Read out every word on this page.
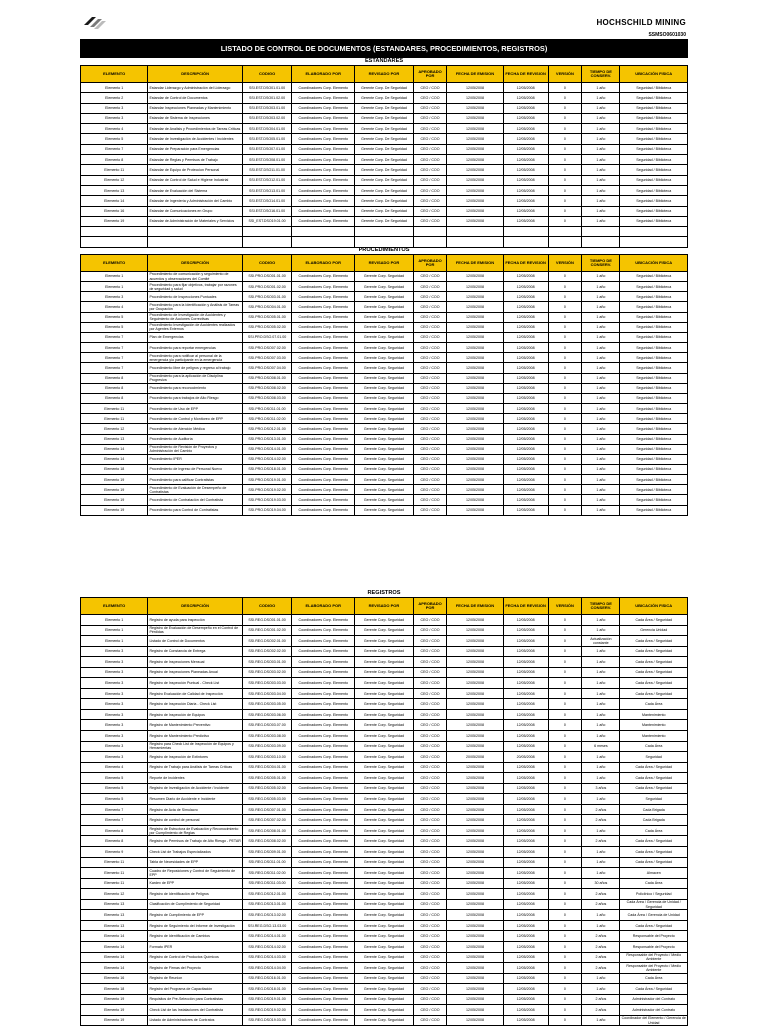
HOCHSCHILD MINING
SSMSO0601030
LISTADO DE CONTROL DE DOCUMENTOS (ESTANDARES, PROCEDIMIENTOS, REGISTROS)
ESTANDARES
ELEMENTO	DESCRIPCIÓN	CODIGO	ELABORADO POR	REVISADO POR	APROBADO POR	FECHA DE EMISION	FECHA DE REVISION	VERSIÓN	TIEMPO DE CONSERV.	UBICACIÓN FISICA
Elemento 1	Estandar Liderazgo y Administración del Liderazgo	SSI.EST.DSO01.01.00	Coordinadores Corp. Elemento	Gerente Corp. De Seguridad	CEO / COO	12/05/2008	12/05/2008	0	1 año	Seguridad / Biblioteca
Elemento 2	Estandar de Control de Documentos	SSI.EST.DSO01.02.00	Coordinadores Corp. Elemento	Gerente Corp. De Seguridad	CEO / COO	12/05/2008	12/05/2008	0	1 año	Seguridad / Biblioteca
Elemento 3	Estandar Inspecciones Planeadas y Mantenimiento	SSI.EST.DSO03.01.00	Coordinadores Corp. Elemento	Gerente Corp. De Seguridad	CEO / COO	12/05/2008	12/05/2008	0	1 año	Seguridad / Biblioteca
Elemento 3	Estandar de Sistema de Inspecciones	SSI.EST.DSO03.02.00	Coordinadores Corp. Elemento	Gerente Corp. De Seguridad	CEO / COO	12/05/2008	12/05/2008	0	1 año	Seguridad / Biblioteca
Elemento 4	Estandar de Analisis y Procedimientos de Tareas Criticas	SSI.EST.DSO04.01.00	Coordinadores Corp. Elemento	Gerente Corp. De Seguridad	CEO / COO	12/05/2008	12/05/2008	0	1 año	Seguridad / Biblioteca
Elemento 5	Estandar de Investigación de Accidentes / Incidentes	SSI.EST.DSO05.01.00	Coordinadores Corp. Elemento	Gerente Corp. De Seguridad	CEO / COO	12/05/2008	12/05/2008	0	1 año	Seguridad / Biblioteca
Elemento 7	Estandar de Preparación para Emergencias	SSI.EST.DSO07.01.00	Coordinadores Corp. Elemento	Gerente Corp. De Seguridad	CEO / COO	12/05/2008	12/05/2008	0	1 año	Seguridad / Biblioteca
Elemento 8	Estandar de Reglas y Permisos de Trabajo	SSI.EST.DSO08.01.00	Coordinadores Corp. Elemento	Gerente Corp. De Seguridad	CEO / COO	12/05/2008	12/05/2008	0	1 año	Seguridad / Biblioteca
Elemento 11	Estandar de Equipo de Proteccion Personal	SSI.EST.DSO11.01.00	Coordinadores Corp. Elemento	Gerente Corp. De Seguridad	CEO / COO	12/05/2008	12/05/2008	0	1 año	Seguridad / Biblioteca
Elemento 12	Estandar de Control de Salud e Higiene Industrial	SSI.EST.DSO12.01.00	Coordinadores Corp. Elemento	Gerente Corp. De Seguridad	CEO / COO	12/05/2008	12/05/2008	0	1 año	Seguridad / Biblioteca
Elemento 13	Estandar de Evaluación del Sistema	SSI.EST.DSO13.01.00	Coordinadores Corp. Elemento	Gerente Corp. De Seguridad	CEO / COO	12/05/2008	12/05/2008	0	1 año	Seguridad / Biblioteca
Elemento 14	Estandar de Ingeniería y Administración del Cambio	SSI.EST.DSO14.01.00	Coordinadores Corp. Elemento	Gerente Corp. De Seguridad	CEO / COO	12/05/2008	12/05/2008	0	1 año	Seguridad / Biblioteca
Elemento 16	Estandar de Comunicaciones en Grupo	SSI.EST.DSO16.01.00	Coordinadores Corp. Elemento	Gerente Corp. De Seguridad	CEO / COO	12/05/2008	12/05/2008	0	1 año	Seguridad / Biblioteca
Elemento 19	Estandar de Administración de Materiales y Servicios	SSI_EST.DSO19.01.00	Coordinadores Corp. Elemento	Gerente Corp. De Seguridad	CEO / COO	12/05/2008	12/05/2008	0	1 año	Seguridad / Biblioteca

PROCEDIMIENTOS
ELEMENTO	DESCRIPCIÓN	CODIGO	ELABORADO POR	REVISADO POR	APROBADO POR	FECHA DE EMISION	FECHA DE REVISION	VERSIÓN	TIEMPO DE CONSERV.	UBICACIÓN FISICA
Elemento 1	Procedimiento de comunicación y seguimiento de acuerdos y observaciones del Comité	SSI.PRO.DSO01.01.00	Coordinadores Corp. Elemento	Gerente Corp. Seguridad	CEO / COO	12/05/2008	12/05/2008	0	1 año	Seguridad / Biblioteca
Elemento 1	Procedimiento para fijar objetivos, trabajar por razones de seguridad y salud	SSI.PRO.DSO01.02.00	Coordinadores Corp. Elemento	Gerente Corp. Seguridad	CEO / COO	12/05/2008	12/05/2008	0	1 año	Seguridad / Biblioteca
Elemento 3	Procedimiento de Inspecciones Puntuales	SSI.PRO.DSO03.01.00	Coordinadores Corp. Elemento	Gerente Corp. Seguridad	CEO / COO	12/05/2008	12/05/2008	0	1 año	Seguridad / Biblioteca
Elemento 4	Procedimiento para la Identificación y Análisis de Tareas por Ocupación	SSI.PRO.DSO04.01.00	Coordinadores Corp. Elemento	Gerente Corp. Seguridad	CEO / COO	12/05/2008	12/05/2008	0	1 año	Seguridad / Biblioteca
Elemento 5	Procedimiento de Investigación de Accidentes y Seguimiento de Acciones Correctivas	SSI.PRO.DSO05.01.00	Coordinadores Corp. Elemento	Gerente Corp. Seguridad	CEO / COO	12/05/2008	12/05/2008	0	1 año	Seguridad / Biblioteca
Elemento 5	Procedimiento Investigación de Accidentes realizados por Agentes Externos	SSI.PRO.DSO05.02.00	Coordinadores Corp. Elemento	Gerente Corp. Seguridad	CEO / COO	12/05/2008	12/05/2008	0	1 año	Seguridad / Biblioteca
Elemento 7	Plan de Emergencias	SSI.PRO.DSO.07.01.00	Coordinadores Corp. Elemento	Gerente Corp. Seguridad	CEO / COO	12/05/2008	12/05/2008	0	1 año	Seguridad / Biblioteca
Elemento 7	Procedimiento para reportar emergencias	SSI.PRO.DSO07.02.00	Coordinadores Corp. Elemento	Gerente Corp. Seguridad	CEO / COO	12/05/2008	12/05/2008	0	1 año	Seguridad / Biblioteca
Elemento 7	Procedimiento para notificar al personal de la emergencia y/o participante en la emergencia	SSI.PRO.DSO07.03.00	Coordinadores Corp. Elemento	Gerente Corp. Seguridad	CEO / COO	12/05/2008	12/05/2008	0	1 año	Seguridad / Biblioteca
Elemento 7	Procedimiento libre de peligros y regreso al trabajo	SSI.PRO.DSO07.04.00	Coordinadores Corp. Elemento	Gerente Corp. Seguridad	CEO / COO	12/05/2008	12/05/2008	0	1 año	Seguridad / Biblioteca
Elemento 8	Procedimiento para la aplicación de Disciplina Progresiva	SSI.PRO.DSO08.01.00	Coordinadores Corp. Elemento	Gerente Corp. Seguridad	CEO / COO	12/05/2008	12/05/2008	0	1 año	Seguridad / Biblioteca
Elemento 8	Procedimiento para reconocimiento	SSI.PRO.DSO08.02.00	Coordinadores Corp. Elemento	Gerente Corp. Seguridad	CEO / COO	12/05/2008	12/05/2008	0	1 año	Seguridad / Biblioteca
Elemento 8	Procedimiento para trabajos de Alto Riesgo	SSI.PRO.DSO08.03.00	Coordinadores Corp. Elemento	Gerente Corp. Seguridad	CEO / COO	12/05/2008	12/05/2008	0	1 año	Seguridad / Biblioteca
Elemento 11	Procedimiento de Uso de EPP	SSI.PRO.DSO11.01.00	Coordinadores Corp. Elemento	Gerente Corp. Seguridad	CEO / COO	12/05/2008	12/05/2008	0	1 año	Seguridad / Biblioteca
Elemento 11	Procedimiento de Control y Monitoreo de EPP	SSI.PRO.DSO11.02.00	Coordinadores Corp. Elemento	Gerente Corp. Seguridad	CEO / COO	12/05/2008	12/05/2008	0	1 año	Seguridad / Biblioteca
Elemento 12	Procedimiento de Atención Médica	SSI.PRO.DSO12.01.00	Coordinadores Corp. Elemento	Gerente Corp. Seguridad	CEO / COO	12/05/2008	12/05/2008	0	1 año	Seguridad / Biblioteca
Elemento 13	Procedimiento de Auditoría	SSI.PRO.DSO13.01.00	Coordinadores Corp. Elemento	Gerente Corp. Seguridad	CEO / COO	12/05/2008	12/05/2008	0	1 año	Seguridad / Biblioteca
Elemento 14	Procedimiento de Revisión de Proyectos y Administración del Cambio	SSI.PRO.DSO14.01.00	Coordinadores Corp. Elemento	Gerente Corp. Seguridad	CEO / COO	12/05/2008	12/05/2008	0	1 año	Seguridad / Biblioteca
Elemento 14	Procedimiento IPER	SSI.PRO.DSO14.02.00	Coordinadores Corp. Elemento	Gerente Corp. Seguridad	CEO / COO	12/05/2008	12/05/2008	0	1 año	Seguridad / Biblioteca
Elemento 18	Procedimiento de Ingreso de Personal Nuevo	SSI.PRO.DSO18.01.00	Coordinadores Corp. Elemento	Gerente Corp. Seguridad	CEO / COO	12/05/2008	12/05/2008	0	1 año	Seguridad / Biblioteca
Elemento 19	Procedimiento para calificar Contratistas	SSI.PRO.DSO19.01.00	Coordinadores Corp. Elemento	Gerente Corp. Seguridad	CEO / COO	12/05/2008	12/05/2008	0	1 año	Seguridad / Biblioteca
Elemento 19	Procedimiento de Evaluación de Desempeño de Contratistas	SSI.PRO.DSO19.02.00	Coordinadores Corp. Elemento	Gerente Corp. Seguridad	CEO / COO	12/05/2008	12/05/2008	0	1 año	Seguridad / Biblioteca
Elemento 19	Procedimiento de Contratación del Contratista	SSI.PRO.DSO19.03.00	Coordinadores Corp. Elemento	Gerente Corp. Seguridad	CEO / COO	12/05/2008	12/05/2008	0	1 año	Seguridad / Biblioteca
Elemento 19	Procedimiento para Control de Contratistas	SSI.PRO.DSO19.04.00	Coordinadores Corp. Elemento	Gerente Corp. Seguridad	CEO / COO	12/05/2008	12/05/2008	0	1 año	Seguridad / Biblioteca
REGISTROS
ELEMENTO	DESCRIPCIÓN	CODIGO	ELABORADO POR	REVISADO POR	APROBADO POR	FECHA DE EMISION	FECHA DE REVISION	VERSIÓN	TIEMPO DE CONSERV.	UBICACIÓN FISICA
Elemento 1	Registro de ayuda para inspección	SSI.REG.DSO01.01.00	Coordinadores Corp. Elemento	Gerente Corp. Seguridad	CEO / COO	12/05/2008	12/05/2008	0	1 año	Cada Área / Seguridad
Elemento 1	Registro de Evaluación de Desempeño en el Control de Pérdidas	SSI.REG.DSO01.02.00	Coordinadores Corp. Elemento	Gerente Corp. Seguridad	CEO / COO	12/05/2008	12/05/2008	0	1 año	Gerencia Unidad
Elemento 1	Listado de Control de Documentos	SSI.REG.DSO02.01.00	Coordinadores Corp. Elemento	Gerente Corp. Seguridad	CEO / COO	12/05/2008	12/05/2008	0	Actualización constante	Cada Área / Seguridad
Elemento 3	Registro de Constancia de Entrega	SSI.REG.DSO02.02.00	Coordinadores Corp. Elemento	Gerente Corp. Seguridad	CEO / COO	12/05/2008	12/05/2008	0	1 año	Cada Área / Seguridad
Elemento 3	Registro de Inspecciones Mensual	SSI.REG.DSO03.01.00	Coordinadores Corp. Elemento	Gerente Corp. Seguridad	CEO / COO	12/05/2008	12/05/2008	0	1 año	Cada Área / Seguridad
Elemento 3	Registro de Inspecciones Planeadas Anual	SSI.REG.DSO03.02.00	Coordinadores Corp. Elemento	Gerente Corp. Seguridad	CEO / COO	12/05/2008	12/05/2008	0	1 año	Cada Área / Seguridad
Elemento 3	Registro de Inspección Puntual - Check List	SSI.REG.DSO03.03.00	Coordinadores Corp. Elemento	Gerente Corp. Seguridad	CEO / COO	12/05/2008	12/05/2008	0	1 año	Cada Área / Seguridad
Elemento 3	Registro Evaluación de Calidad de Inspección	SSI.REG.DSO03.04.00	Coordinadores Corp. Elemento	Gerente Corp. Seguridad	CEO / COO	12/05/2008	12/05/2008	0	1 año	Cada Área / Seguridad
Elemento 3	Registro de Inspección Diaria - Check List	SSI.REG.DSO03.05.00	Coordinadores Corp. Elemento	Gerente Corp. Seguridad	CEO / COO	12/05/2008	12/05/2008	0	1 año	Cada Área
Elemento 3	Registro de Inspección de Equipos	SSI.REG.DSO03.06.00	Coordinadores Corp. Elemento	Gerente Corp. Seguridad	CEO / COO	12/05/2008	12/05/2008	0	1 año	Mantenimiento
Elemento 3	Registro de Mantenimiento Preventivo	SSI.REG.DSO03.07.00	Coordinadores Corp. Elemento	Gerente Corp. Seguridad	CEO / COO	12/05/2008	12/05/2008	0	1 año	Mantenimiento
Elemento 3	Registro de Mantenimiento Predictivo	SSI.REG.DSO03.08.00	Coordinadores Corp. Elemento	Gerente Corp. Seguridad	CEO / COO	12/05/2008	12/05/2008	0	1 año	Mantenimiento
Elemento 3	Registro para Check List de Inspección de Equipos y Herramientas	SSI.REG.DSO03.09.00	Coordinadores Corp. Elemento	Gerente Corp. Seguridad	CEO / COO	12/05/2008	12/05/2008	0	6 meses	Cada Área
Elemento 3	Registro de Inspección de Extintores	SSI.REG.DSO03.10.00	Coordinadores Corp. Elemento	Gerente Corp. Seguridad	CEO / COO	20/05/2008	20/05/2008	0	1 año	Seguridad
Elemento 4	Registro de Trabajo para Análisis de Tareas Críticas	SSI.REG.DSO04.01.00	Coordinadores Corp. Elemento	Gerente Corp. Seguridad	CEO / COO	12/05/2008	12/05/2008	0	1 año	Cada Área / Seguridad
Elemento 5	Reporte de Incidentes	SSI.REG.DSO05.01.00	Coordinadores Corp. Elemento	Gerente Corp. Seguridad	CEO / COO	12/05/2008	12/05/2008	0	1 año	Cada Área / Seguridad
Elemento 5	Registro de Investigación de Accidente / Incidente	SSI.REG.DSO05.02.00	Coordinadores Corp. Elemento	Gerente Corp. Seguridad	CEO / COO	12/05/2008	12/05/2008	0	3 años	Cada Área / Seguridad
Elemento 5	Resumen Diario de Accidente e Incidente	SSI.REG.DSO05.03.00	Coordinadores Corp. Elemento	Gerente Corp. Seguridad	CEO / COO	12/05/2008	12/05/2008	0	1 año	Seguridad
Elemento 7	Registro de Acta de Simulacro	SSI.REG.DSO07.01.00	Coordinadores Corp. Elemento	Gerente Corp. Seguridad	CEO / COO	12/05/2008	12/05/2008	0	2 años	Cada Brigada
Elemento 7	Registro de control de personal	SSI.REG.DSO07.02.00	Coordinadores Corp. Elemento	Gerente Corp. Seguridad	CEO / COO	12/05/2008	12/05/2008	0	2 años	Cada Brigada
Elemento 8	Registro de Estructura de Evaluación y Reconocimiento por Cumplimiento de Reglas	SSI.REG.DSO08.01.00	Coordinadores Corp. Elemento	Gerente Corp. Seguridad	CEO / COO	12/05/2008	12/05/2008	0	1 año	Cada Área
Elemento 8	Registro de Permisos de Trabajo de Alto Riesgo - PETAR	SSI.REG.DSO08.02.00	Coordinadores Corp. Elemento	Gerente Corp. Seguridad	CEO / COO	12/05/2008	12/05/2008	0	2 años	Cada Área / Seguridad
Elemento 9	Check List de Trabajos Especializados	SSI.REG.DSO09.01.00	Coordinadores Corp. Elemento	Gerente Corp. Seguridad	CEO / COO	12/05/2008	12/05/2008	0	1 año	Cada Área / Seguridad
Elemento 11	Tabla de Necesidades de EPP	SSI.REG.DSO11.01.00	Coordinadores Corp. Elemento	Gerente Corp. Seguridad	CEO / COO	12/05/2008	12/05/2008	0	1 año	Cada Área / Seguridad
Elemento 11	Cuadro de Reposiciones y Control de Seguimiento de EPP	SSI.REG.DSO11.02.00	Coordinadores Corp. Elemento	Gerente Corp. Seguridad	CEO / COO	12/05/2008	12/05/2008	0	1 año	Almacen
Elemento 11	Kardex de EPP	SSI.REG.DSO11.03.00	Coordinadores Corp. Elemento	Gerente Corp. Seguridad	CEO / COO	12/05/2008	12/05/2008	0	30 años	Cada Área
Elemento 12	Registro de Identificación de Peligros	SSI.REG.DSO12.01.00	Coordinadores Corp. Elemento	Gerente Corp. Seguridad	CEO / COO	12/05/2008	12/05/2008	0	2 años	Policlínico / Seguridad
Elemento 13	Clasificación de Cumplimiento de Seguridad	SSI.REG.DSO13.01.00	Coordinadores Corp. Elemento	Gerente Corp. Seguridad	CEO / COO	12/05/2008	12/05/2008	0	2 años	Cada Área / Gerencia de Unidad / Seguridad
Elemento 13	Registro de Cumplimiento de EPP	SSI.REG.DSO13.02.00	Coordinadores Corp. Elemento	Gerente Corp. Seguridad	CEO / COO	12/05/2008	12/05/2008	0	1 año	Cada Área / Gerencia de Unidad
Elemento 13	Registro de Seguimiento del Informe de Investigación	SSI.REG.DSO.13.03.00	Coordinadores Corp. Elemento	Gerente Corp. Seguridad	CEO / COO	12/05/2008	12/05/2008	0	1 año	Cada Área / Seguridad
Elemento 14	Registro de Identificación de Cambios	SSI.REG.DSO14.01.00	Coordinadores Corp. Elemento	Gerente Corp. Seguridad	CEO / COO	12/05/2008	12/05/2008	0	2 años	Responsable del Proyecto
Elemento 14	Formato IPER	SSI.REG.DSO14.02.00	Coordinadores Corp. Elemento	Gerente Corp. Seguridad	CEO / COO	12/05/2008	12/05/2008	0	2 años	Responsable del Proyecto
Elemento 14	Registro de Control de Productos Químicos	SSI.REG.DSO14.03.00	Coordinadores Corp. Elemento	Gerente Corp. Seguridad	CEO / COO	12/05/2008	12/05/2008	0	2 años	Responsable del Proyecto / Medio Ambiente
Elemento 14	Registro de Firmas del Proyecto	SSI.REG.DSO14.04.00	Coordinadores Corp. Elemento	Gerente Corp. Seguridad	CEO / COO	12/05/2008	12/05/2008	0	2 años	Responsable del Proyecto / Medio Ambiente
Elemento 16	Registro de Reunion	SSI.REG.DSO16.01.00	Coordinadores Corp. Elemento	Gerente Corp. Seguridad	CEO / COO	12/05/2008	12/05/2008	0	1 año	Cada Área
Elemento 18	Registro del Programa de Capacitación	SSI.REG.DSO18.01.00	Coordinadores Corp. Elemento	Gerente Corp. Seguridad	CEO / COO	12/05/2008	12/05/2008	0	1 año	Cada Área / Seguridad
Elemento 19	Requisitos de Pre-Selección para Contratistas	SSI.REG.DSO19.01.00	Coordinadores Corp. Elemento	Gerente Corp. Seguridad	CEO / COO	12/05/2008	12/05/2008	0	2 años	Administrador del Contrato
Elemento 19	Check List de las Instalaciones del Contratista	SSI.REG.DSO19.02.00	Coordinadores Corp. Elemento	Gerente Corp. Seguridad	CEO / COO	12/05/2008	12/05/2008	0	2 años	Administrador del Contrato
Elemento 19	Listado de Administradores de Contratos	SSI.REG.DSO19.03.00	Coordinadores Corp. Elemento	Gerente Corp. Seguridad	CEO / COO	12/05/2008	12/05/2008	0	1 año	Coordinador del Elemento / Gerencia de Unidad
